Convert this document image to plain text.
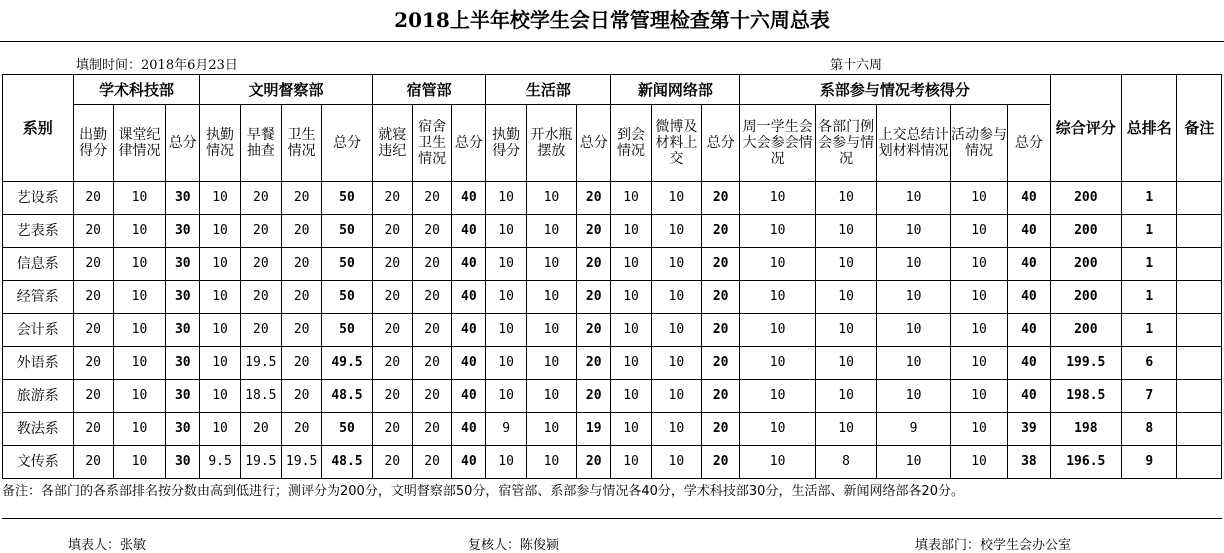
2018上半年校学生会日常管理检查第十六周总表
填制时间：2018年6月23日	第十六周
系别	学术科技部			文明督察部				宿管部			生活部			新闻网络部			系部参与情况考核得分					综合评分	总排名	备注
	出勤得分	课堂纪律情况	总分	执勤情况	早餐抽查	卫生情况	总分	就寝违纪	宿舍卫生情况	总分	执勤得分	开水瓶摆放	总分	到会情况	微博及材料上交	总分	周一学生会大会参会情况	各部门例会参与情况	上交总结计划材料情况	活动参与情况	总分			
艺设系	20	10	30	10	20	20	50	20	20	40	10	10	20	10	10	20	10	10	10	10	40	200	1	
艺表系	20	10	30	10	20	20	50	20	20	40	10	10	20	10	10	20	10	10	10	10	40	200	1	
信息系	20	10	30	10	20	20	50	20	20	40	10	10	20	10	10	20	10	10	10	10	40	200	1	
经管系	20	10	30	10	20	20	50	20	20	40	10	10	20	10	10	20	10	10	10	10	40	200	1	
会计系	20	10	30	10	20	20	50	20	20	40	10	10	20	10	10	20	10	10	10	10	40	200	1	
外语系	20	10	30	10	19.5	20	49.5	20	20	40	10	10	20	10	10	20	10	10	10	10	40	199.5	6	
旅游系	20	10	30	10	18.5	20	48.5	20	20	40	10	10	20	10	10	20	10	10	10	10	40	198.5	7	
教法系	20	10	30	10	20	20	50	20	20	40	9	10	19	10	10	20	10	10	9	10	39	198	8	
文传系	20	10	30	9.5	19.5	19.5	48.5	20	20	40	10	10	20	10	10	20	10	8	10	10	38	196.5	9	
备注：各部门的各系部排名按分数由高到低进行；测评分为200分，文明督察部50分，宿管部、系部参与情况各40分，学术科技部30分，生活部、新闻网络部各20分。
填表人：张敏	复核人：陈俊颍	填表部门：校学生会办公室
